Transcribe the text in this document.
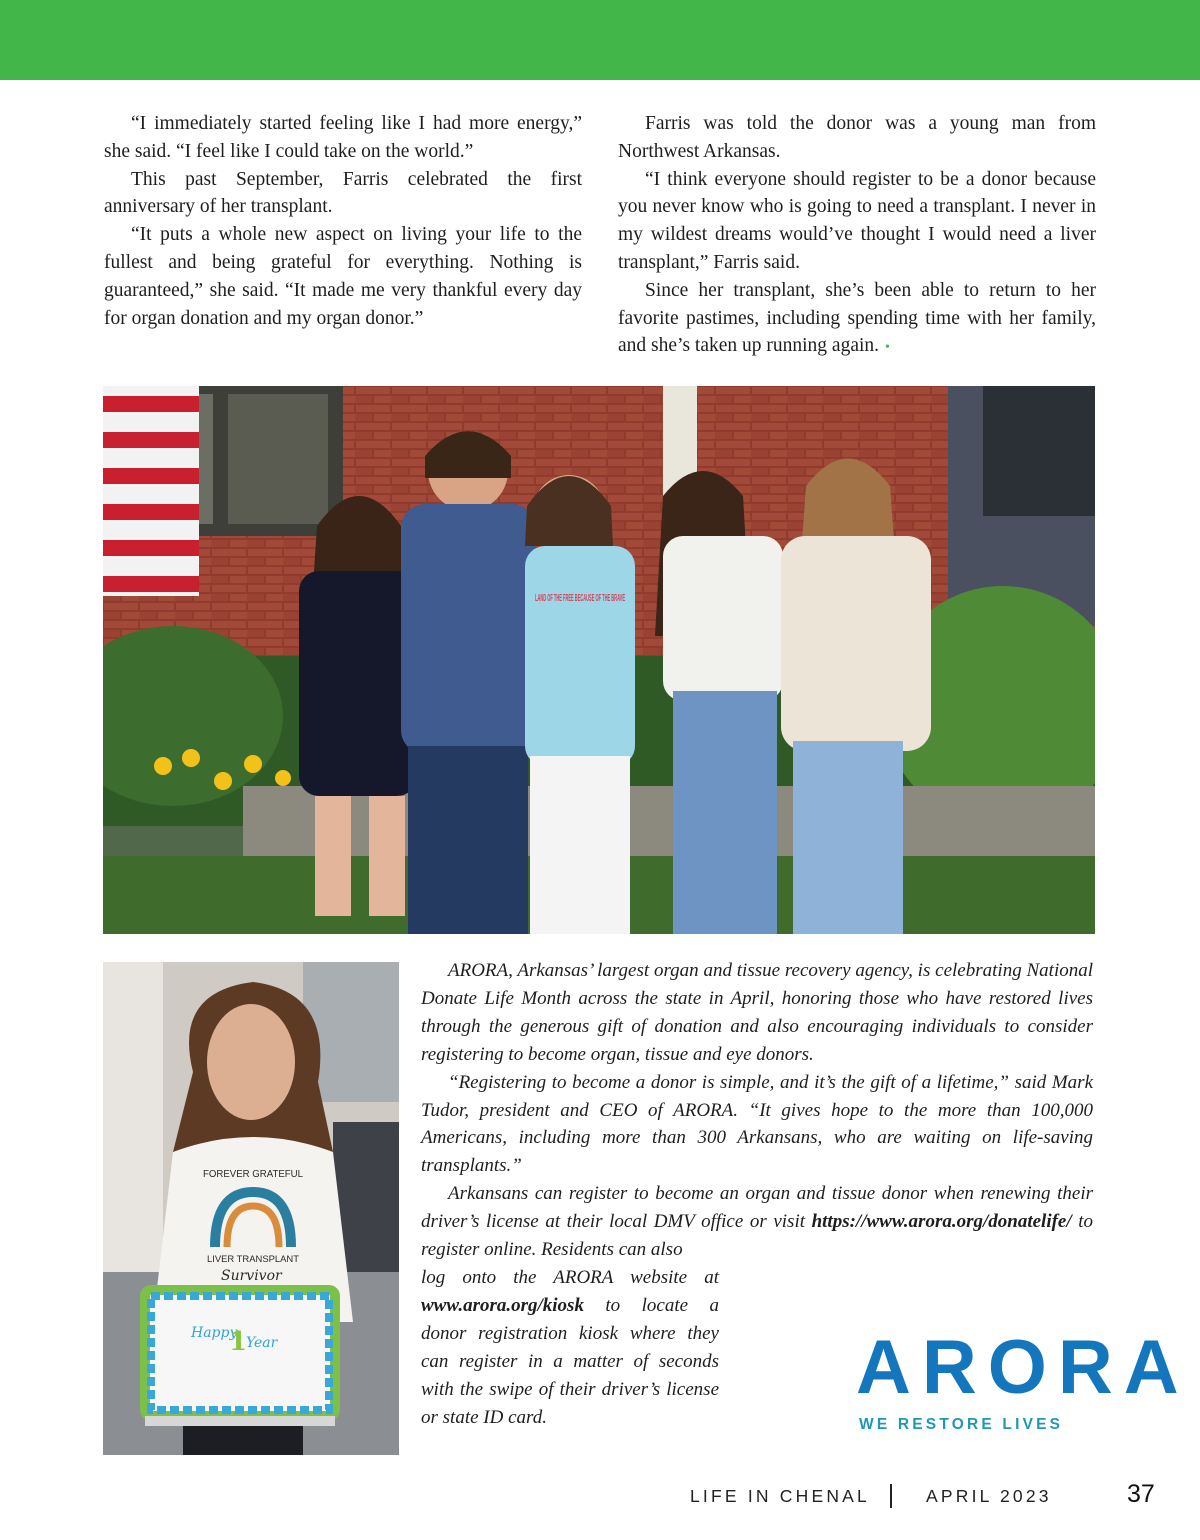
“I immediately started feeling like I had more energy,” she said. “I feel like I could take on the world.”

This past September, Farris celebrated the first anniversary of her transplant.

“It puts a whole new aspect on living your life to the fullest and being grateful for everything. Nothing is guaranteed,” she said. “It made me very thankful every day for organ donation and my organ donor.”

Farris was told the donor was a young man from Northwest Arkansas.

“I think everyone should register to be a donor because you never know who is going to need a transplant. I never in my wildest dreams would’ve thought I would need a liver transplant,” Farris said.

Since her transplant, she’s been able to return to her favorite pastimes, including spending time with her family, and she’s taken up running again. •

LAND OF THE FREE BECAUSE OF THE BRAVE
FOREVER GRATEFUL
LIVER TRANSPLANT
Survivor
Happy
1
Year

ARORA, Arkansas’ largest organ and tissue recovery agency, is celebrating National Donate Life Month across the state in April, honoring those who have restored lives through the generous gift of donation and also encouraging individuals to consider registering to become organ, tissue and eye donors.

“Registering to become a donor is simple, and it’s the gift of a lifetime,” said Mark Tudor, president and CEO of ARORA. “It gives hope to the more than 100,000 Americans, including more than 300 Arkansans, who are waiting on life-saving transplants.”

Arkansans can register to become an organ and tissue donor when renewing their driver’s license at their local DMV office or visit https://www.arora.org/donatelife/ to register online. Residents can also

log onto the ARORA website at www.arora.org/kiosk to locate a donor registration kiosk where they can register in a matter of seconds with the swipe of their driver’s license or state ID card.

ARORA
WE RESTORE LIVES
LIFE IN CHENAL	APRIL 2023	37
